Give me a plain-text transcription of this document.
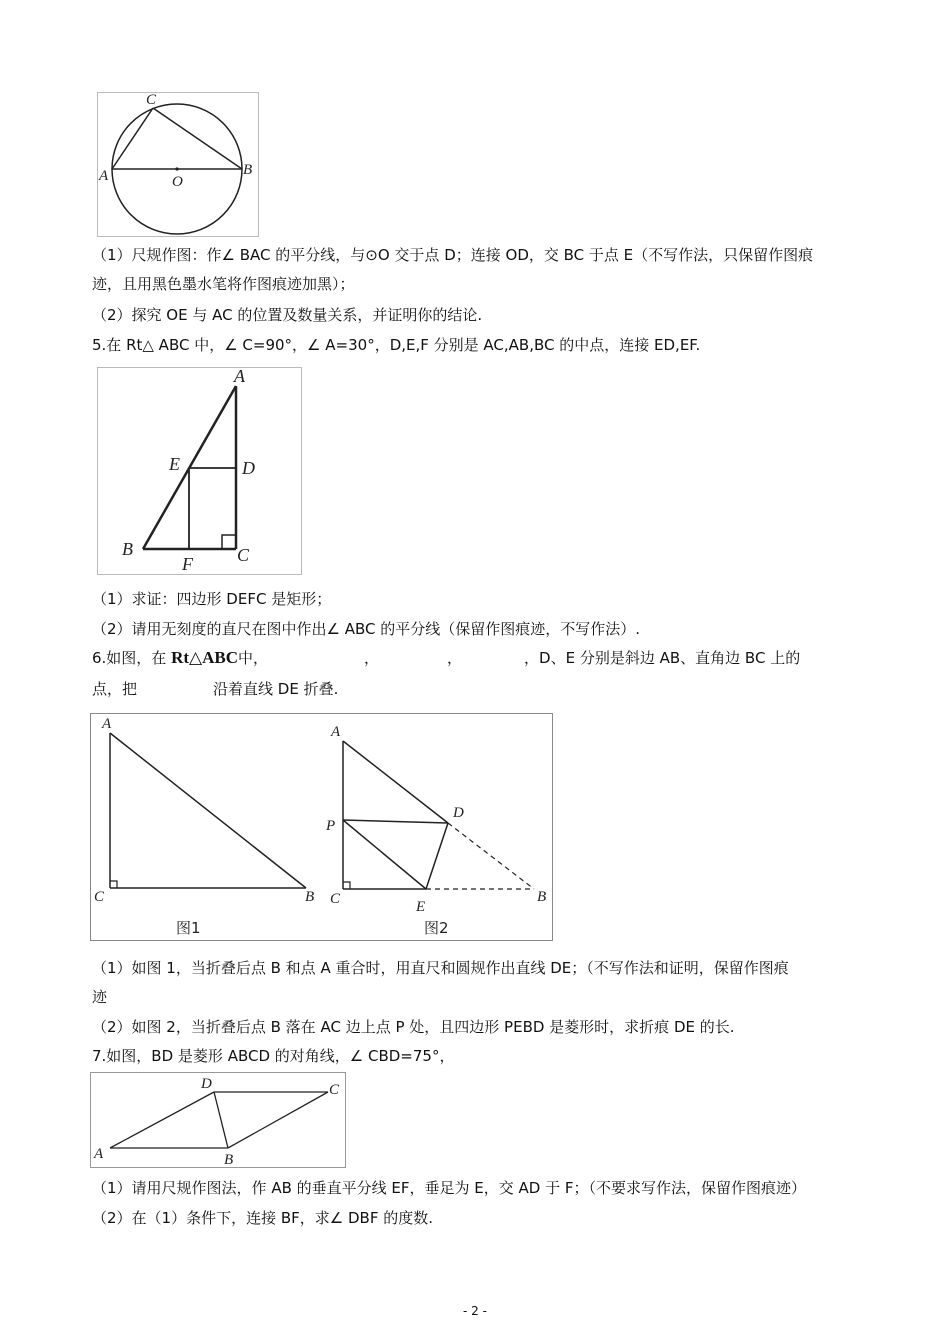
C
A	B
O
（1）尺规作图：作∠ BAC 的平分线，与⊙O 交于点 D；连接 OD，交 BC 于点 E（不写作法，只保留作图痕
迹，且用黑色墨水笔将作图痕迹加黑）；
（2）探究 OE 与 AC 的位置及数量关系，并证明你的结论.
5.在 Rt△ ABC 中，∠ C=90°，∠ A=30°，D,E,F 分别是 AC,AB,BC 的中点，连接 ED,EF.
A
E	D
B
F C
（1）求证：四边形 DEFC 是矩形；
（2）请用无刻度的直尺在图中作出∠ ABC 的平分线（保留作图痕迹，不写作法）.
6.如图，在 Rt△ABC中，	，	，	，D、E 分别是斜边 AB、直角边 BC 上的
点，把	沿着直线 DE 折叠.
A
C	B
图1
A
P
D
C	E
B
图2
（1）如图 1，当折叠后点 B 和点 A 重合时，用直尺和圆规作出直线 DE；（不写作法和证明，保留作图痕
迹
（2）如图 2，当折叠后点 B 落在 AC 边上点 P 处，且四边形 PEBD 是菱形时，求折痕 DE 的长.
7.如图，BD 是菱形 ABCD 的对角线，∠ CBD=75°，
D	C
A	B
（1）请用尺规作图法，作 AB 的垂直平分线 EF，垂足为 E，交 AD 于 F；（不要求写作法，保留作图痕迹）
（2）在（1）条件下，连接 BF，求∠ DBF 的度数.
- 2 -
